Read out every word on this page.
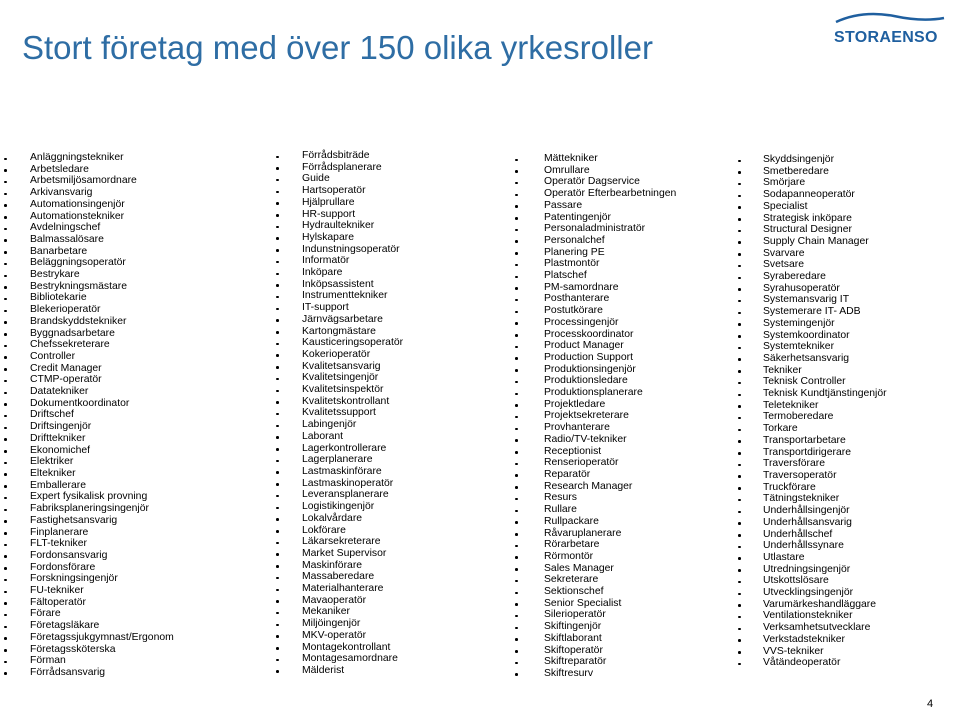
Stort företag med över 150 olika yrkesroller	STORAENSO
Anläggningstekniker
Arbetsledare
Arbetsmiljösamordnare
Arkivansvarig
Automationsingenjör
Automationstekniker
Avdelningschef
Balmassalösare
Banarbetare
Beläggningsoperatör
Bestrykare
Bestrykningsmästare
Bibliotekarie
Blekerioperatör
Brandskyddstekniker
Byggnadsarbetare
Chefssekreterare
Controller
Credit Manager
CTMP-operatör
Datatekniker
Dokumentkoordinator
Driftschef
Driftsingenjör
Drifttekniker
Ekonomichef
Elektriker
Eltekniker
Emballerare
Expert fysikalisk provning
Fabriksplaneringsingenjör
Fastighetsansvarig
Finplanerare
FLT-tekniker
Fordonsansvarig
Fordonsförare
Forskningsingenjör
FU-tekniker
Fältoperatör
Förare
Företagsläkare
Företagssjukgymnast/Ergonom
Företagssköterska
Förman
Förrådsansvarig
Förrådsbiträde
Förrådsplanerare
Guide
Hartsoperatör
Hjälprullare
HR-support
Hydraultekniker
Hylskapare
Indunstningsoperatör
Informatör
Inköpare
Inköpsassistent
Instrumenttekniker
IT-support
Järnvägsarbetare
Kartongmästare
Kausticeringsoperatör
Kokerioperatör
Kvalitetsansvarig
Kvalitetsingenjör
Kvalitetsinspektör
Kvalitetskontrollant
Kvalitetssupport
Labingenjör
Laborant
Lagerkontrollerare
Lagerplanerare
Lastmaskinförare
Lastmaskinoperatör
Leveransplanerare
Logistikingenjör
Lokalvårdare
Lokförare
Läkarsekreterare
Market Supervisor
Maskinförare
Massaberedare
Materialhanterare
Mavaoperatör
Mekaniker
Miljöingenjör
MKV-operatör
Montagekontrollant
Montagesamordnare
Mälderist
Mättekniker
Omrullare
Operatör Dagservice
Operatör Efterbearbetningen
Passare
Patentingenjör
Personaladministratör
Personalchef
Planering PE
Plastmontör
Platschef
PM-samordnare
Posthanterare
Postutkörare
Processingenjör
Processkoordinator
Product Manager
Production Support
Produktionsingenjör
Produktionsledare
Produktionsplanerare
Projektledare
Projektsekreterare
Provhanterare
Radio/TV-tekniker
Receptionist
Renserioperatör
Reparatör
Research Manager
Resurs
Rullare
Rullpackare
Råvaruplanerare
Rörarbetare
Rörmontör
Sales Manager
Sekreterare
Sektionschef
Senior Specialist
Silerioperatör
Skiftingenjör
Skiftlaborant
Skiftoperatör
Skiftreparatör
Skiftresurv
Skyddsingenjör
Smetberedare
Smörjare
Sodapanneoperatör
Specialist
Strategisk inköpare
Structural Designer
Supply Chain Manager
Svarvare
Svetsare
Syraberedare
Syrahusoperatör
Systemansvarig IT
Systemerare IT- ADB
Systemingenjör
Systemkoordinator
Systemtekniker
Säkerhetsansvarig
Tekniker
Teknisk Controller
Teknisk Kundtjänstingenjör
Teletekniker
Termoberedare
Torkare
Transportarbetare
Transportdirigerare
Traversförare
Traversoperatör
Truckförare
Tätningstekniker
Underhållsingenjör
Underhållsansvarig
Underhållschef
Underhållssynare
Utlastare
Utredningsingenjör
Utskottslösare
Utvecklingsingenjör
Varumärkeshandläggare
Ventilationstekniker
Verksamhetsutvecklare
Verkstadstekniker
VVS-tekniker
Våtändeoperatör
4
